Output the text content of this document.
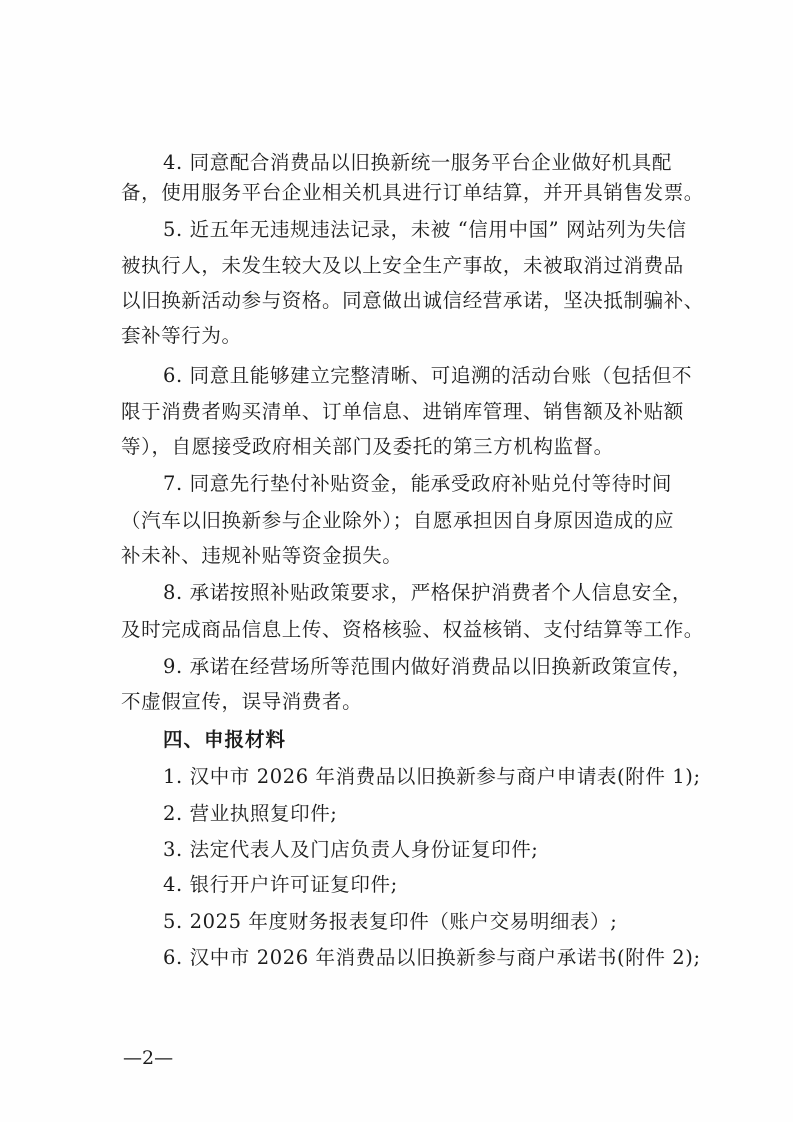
4. 同意配合消费品以旧换新统一服务平台企业做好机具配
备，使用服务平台企业相关机具进行订单结算，并开具销售发票。
5. 近五年无违规违法记录，未被 “信用中国” 网站列为失信
被执行人，未发生较大及以上安全生产事故，未被取消过消费品
以旧换新活动参与资格。同意做出诚信经营承诺，坚决抵制骗补、
套补等行为。
6. 同意且能够建立完整清晰、可追溯的活动台账（包括但不
限于消费者购买清单、订单信息、进销库管理、销售额及补贴额
等），自愿接受政府相关部门及委托的第三方机构监督。
7. 同意先行垫付补贴资金，能承受政府补贴兑付等待时间
（汽车以旧换新参与企业除外）；自愿承担因自身原因造成的应
补未补、违规补贴等资金损失。
8. 承诺按照补贴政策要求，严格保护消费者个人信息安全，
及时完成商品信息上传、资格核验、权益核销、支付结算等工作。
9. 承诺在经营场所等范围内做好消费品以旧换新政策宣传，
不虚假宣传，误导消费者。
四、申报材料
1. 汉中市 2026 年消费品以旧换新参与商户申请表(附件 1);
2. 营业执照复印件;
3. 法定代表人及门店负责人身份证复印件;
4. 银行开户许可证复印件;
5. 2025 年度财务报表复印件（账户交易明细表）;
6. 汉中市 2026 年消费品以旧换新参与商户承诺书(附件 2);
—2—
